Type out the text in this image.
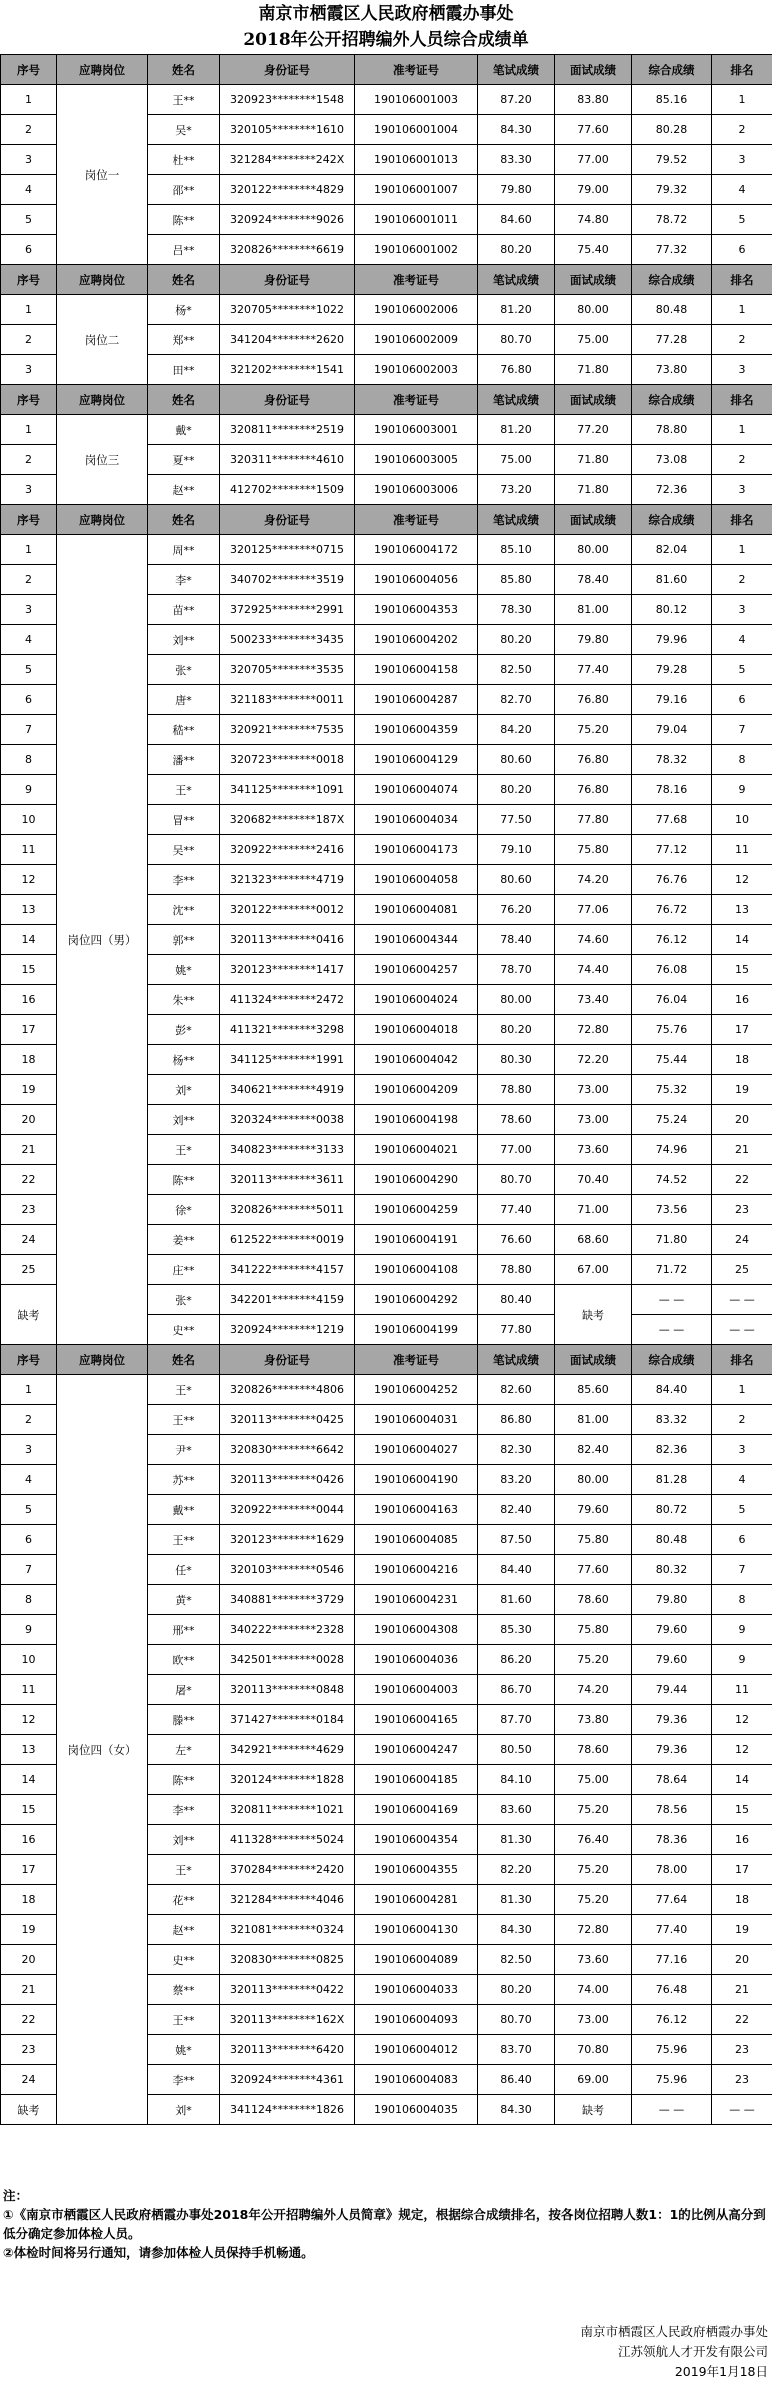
南京市栖霞区人民政府栖霞办事处
2018年公开招聘编外人员综合成绩单
序号	应聘岗位	姓名	身份证号	准考证号	笔试成绩	面试成绩	综合成绩	排名
1	岗位一	王**	320923********1548	190106001003	87.20	83.80	85.16	1
2		吴*	320105********1610	190106001004	84.30	77.60	80.28	2
3		杜**	321284********242X	190106001013	83.30	77.00	79.52	3
4		邵**	320122********4829	190106001007	79.80	79.00	79.32	4
5		陈**	320924********9026	190106001011	84.60	74.80	78.72	5
6		吕**	320826********6619	190106001002	80.20	75.40	77.32	6
序号	应聘岗位	姓名	身份证号	准考证号	笔试成绩	面试成绩	综合成绩	排名
1	岗位二	杨*	320705********1022	190106002006	81.20	80.00	80.48	1
2		郑**	341204********2620	190106002009	80.70	75.00	77.28	2
3		田**	321202********1541	190106002003	76.80	71.80	73.80	3
序号	应聘岗位	姓名	身份证号	准考证号	笔试成绩	面试成绩	综合成绩	排名
1	岗位三	戴*	320811********2519	190106003001	81.20	77.20	78.80	1
2		夏**	320311********4610	190106003005	75.00	71.80	73.08	2
3		赵**	412702********1509	190106003006	73.20	71.80	72.36	3
序号	应聘岗位	姓名	身份证号	准考证号	笔试成绩	面试成绩	综合成绩	排名
1	岗位四（男）	周**	320125********0715	190106004172	85.10	80.00	82.04	1
2		李*	340702********3519	190106004056	85.80	78.40	81.60	2
3		苗**	372925********2991	190106004353	78.30	81.00	80.12	3
4		刘**	500233********3435	190106004202	80.20	79.80	79.96	4
5		张*	320705********3535	190106004158	82.50	77.40	79.28	5
6		唐*	321183********0011	190106004287	82.70	76.80	79.16	6
7		嵇**	320921********7535	190106004359	84.20	75.20	79.04	7
8		潘**	320723********0018	190106004129	80.60	76.80	78.32	8
9		王*	341125********1091	190106004074	80.20	76.80	78.16	9
10		冒**	320682********187X	190106004034	77.50	77.80	77.68	10
11		吴**	320922********2416	190106004173	79.10	75.80	77.12	11
12		李**	321323********4719	190106004058	80.60	74.20	76.76	12
13		沈**	320122********0012	190106004081	76.20	77.06	76.72	13
14		郭**	320113********0416	190106004344	78.40	74.60	76.12	14
15		姚*	320123********1417	190106004257	78.70	74.40	76.08	15
16		朱**	411324********2472	190106004024	80.00	73.40	76.04	16
17		彭*	411321********3298	190106004018	80.20	72.80	75.76	17
18		杨**	341125********1991	190106004042	80.30	72.20	75.44	18
19		刘*	340621********4919	190106004209	78.80	73.00	75.32	19
20		刘**	320324********0038	190106004198	78.60	73.00	75.24	20
21		王*	340823********3133	190106004021	77.00	73.60	74.96	21
22		陈**	320113********3611	190106004290	80.70	70.40	74.52	22
23		徐*	320826********5011	190106004259	77.40	71.00	73.56	23
24		姜**	612522********0019	190106004191	76.60	68.60	71.80	24
25		庄**	341222********4157	190106004108	78.80	67.00	71.72	25
缺考		张*	342201********4159	190106004292	80.40	缺考	— —	— —
		史**	320924********1219	190106004199	77.80		— —	— —
序号	应聘岗位	姓名	身份证号	准考证号	笔试成绩	面试成绩	综合成绩	排名
1	岗位四（女）	王*	320826********4806	190106004252	82.60	85.60	84.40	1
2		王**	320113********0425	190106004031	86.80	81.00	83.32	2
3		尹*	320830********6642	190106004027	82.30	82.40	82.36	3
4		苏**	320113********0426	190106004190	83.20	80.00	81.28	4
5		戴**	320922********0044	190106004163	82.40	79.60	80.72	5
6		王**	320123********1629	190106004085	87.50	75.80	80.48	6
7		任*	320103********0546	190106004216	84.40	77.60	80.32	7
8		黄*	340881********3729	190106004231	81.60	78.60	79.80	8
9		邢**	340222********2328	190106004308	85.30	75.80	79.60	9
10		欧**	342501********0028	190106004036	86.20	75.20	79.60	9
11		屠*	320113********0848	190106004003	86.70	74.20	79.44	11
12		滕**	371427********0184	190106004165	87.70	73.80	79.36	12
13		左*	342921********4629	190106004247	80.50	78.60	79.36	12
14		陈**	320124********1828	190106004185	84.10	75.00	78.64	14
15		李**	320811********1021	190106004169	83.60	75.20	78.56	15
16		刘**	411328********5024	190106004354	81.30	76.40	78.36	16
17		王*	370284********2420	190106004355	82.20	75.20	78.00	17
18		花**	321284********4046	190106004281	81.30	75.20	77.64	18
19		赵**	321081********0324	190106004130	84.30	72.80	77.40	19
20		史**	320830********0825	190106004089	82.50	73.60	77.16	20
21		蔡**	320113********0422	190106004033	80.20	74.00	76.48	21
22		王**	320113********162X	190106004093	80.70	73.00	76.12	22
23		姚*	320113********6420	190106004012	83.70	70.80	75.96	23
24		李**	320924********4361	190106004083	86.40	69.00	75.96	23
缺考		刘*	341124********1826	190106004035	84.30	缺考	— —	— —
注：
①《南京市栖霞区人民政府栖霞办事处2018年公开招聘编外人员简章》规定，根据综合成绩排名，按各岗位招聘人数1：1的比例从高分到低分确定参加体检人员。
②体检时间将另行通知，请参加体检人员保持手机畅通。
南京市栖霞区人民政府栖霞办事处
江苏领航人才开发有限公司
2019年1月18日
